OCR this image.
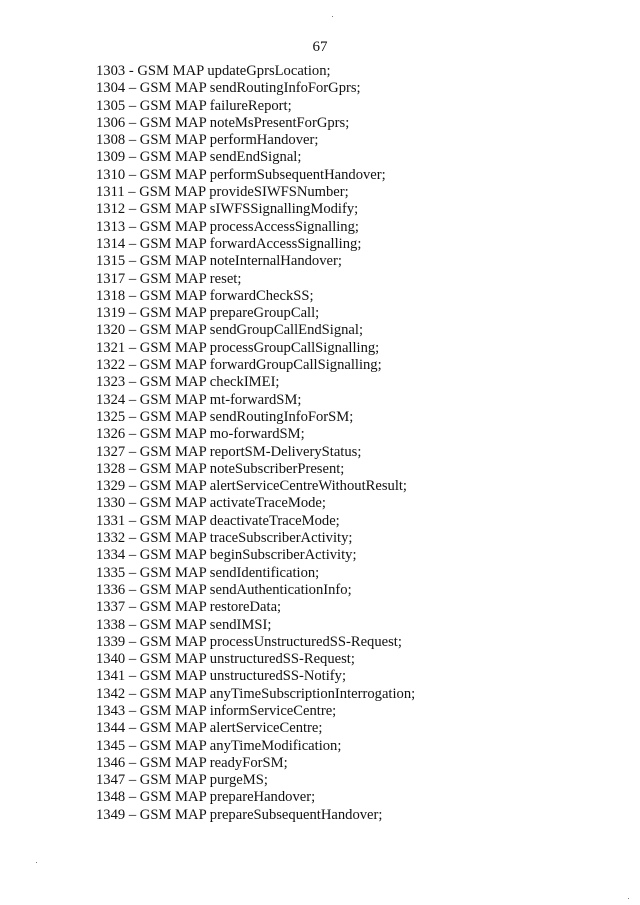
67
1303 - GSM MAP updateGprsLocation;
1304 – GSM MAP sendRoutingInfoForGprs;
1305 – GSM MAP failureReport;
1306 – GSM MAP noteMsPresentForGprs;
1308 – GSM MAP performHandover;
1309 – GSM MAP sendEndSignal;
1310 – GSM MAP performSubsequentHandover;
1311 – GSM MAP provideSIWFSNumber;
1312 – GSM MAP sIWFSSignallingModify;
1313 – GSM MAP processAccessSignalling;
1314 – GSM MAP forwardAccessSignalling;
1315 – GSM MAP noteInternalHandover;
1317 – GSM MAP reset;
1318 – GSM MAP forwardCheckSS;
1319 – GSM MAP prepareGroupCall;
1320 – GSM MAP sendGroupCallEndSignal;
1321 – GSM MAP processGroupCallSignalling;
1322 – GSM MAP forwardGroupCallSignalling;
1323 – GSM MAP checkIMEI;
1324 – GSM MAP mt-forwardSM;
1325 – GSM MAP sendRoutingInfoForSM;
1326 – GSM MAP mo-forwardSM;
1327 – GSM MAP reportSM-DeliveryStatus;
1328 – GSM MAP noteSubscriberPresent;
1329 – GSM MAP alertServiceCentreWithoutResult;
1330 – GSM MAP activateTraceMode;
1331 – GSM MAP deactivateTraceMode;
1332 – GSM MAP traceSubscriberActivity;
1334 – GSM MAP beginSubscriberActivity;
1335 – GSM MAP sendIdentification;
1336 – GSM MAP sendAuthenticationInfo;
1337 – GSM MAP restoreData;
1338 – GSM MAP sendIMSI;
1339 – GSM MAP processUnstructuredSS-Request;
1340 – GSM MAP unstructuredSS-Request;
1341 – GSM MAP unstructuredSS-Notify;
1342 – GSM MAP anyTimeSubscriptionInterrogation;
1343 – GSM MAP informServiceCentre;
1344 – GSM MAP alertServiceCentre;
1345 – GSM MAP anyTimeModification;
1346 – GSM MAP readyForSM;
1347 – GSM MAP purgeMS;
1348 – GSM MAP prepareHandover;
1349 – GSM MAP prepareSubsequentHandover;
